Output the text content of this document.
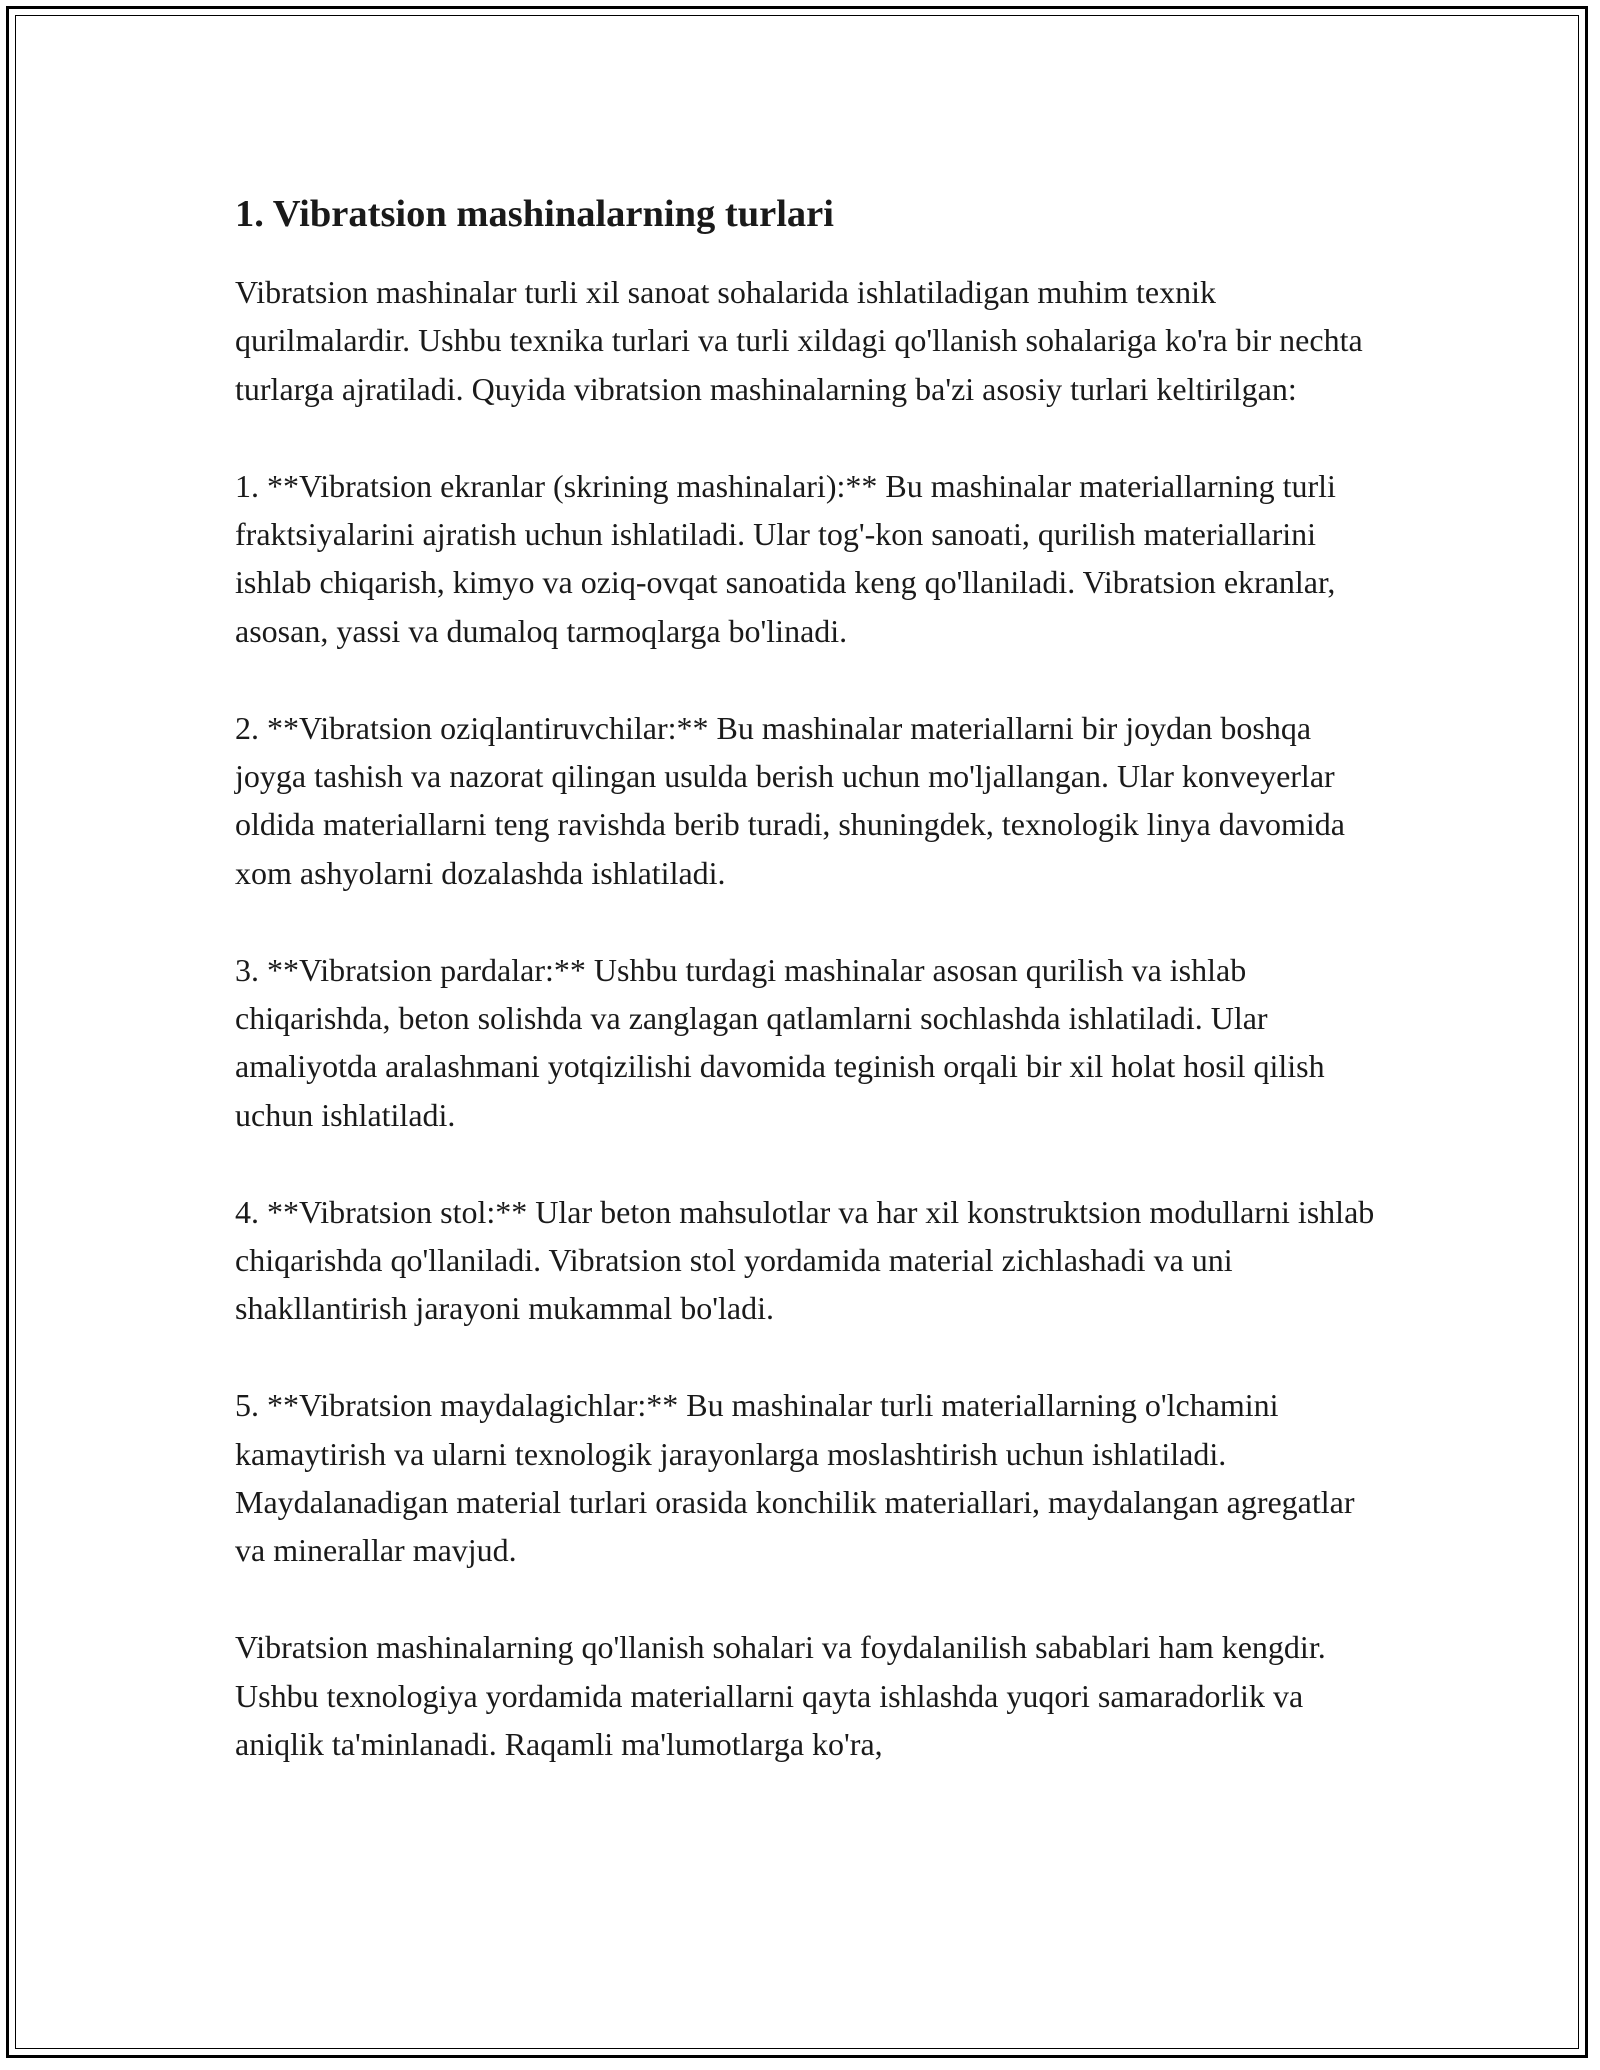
1. Vibratsion mashinalarning turlari

Vibratsion mashinalar turli xil sanoat sohalarida ishlatiladigan muhim texnik qurilmalardir. Ushbu texnika turlari va turli xildagi qo'llanish sohalariga ko'ra bir nechta turlarga ajratiladi. Quyida vibratsion mashinalarning ba'zi asosiy turlari keltirilgan:

1. **Vibratsion ekranlar (skrining mashinalari):** Bu mashinalar materiallarning turli fraktsiyalarini ajratish uchun ishlatiladi. Ular tog'-kon sanoati, qurilish materiallarini ishlab chiqarish, kimyo va oziq-ovqat sanoatida keng qo'llaniladi. Vibratsion ekranlar, asosan, yassi va dumaloq tarmoqlarga bo'linadi.

2. **Vibratsion oziqlantiruvchilar:** Bu mashinalar materiallarni bir joydan boshqa joyga tashish va nazorat qilingan usulda berish uchun mo'ljallangan. Ular konveyerlar oldida materiallarni teng ravishda berib turadi, shuningdek, texnologik linya davomida xom ashyolarni dozalashda ishlatiladi.

3. **Vibratsion pardalar:** Ushbu turdagi mashinalar asosan qurilish va ishlab chiqarishda, beton solishda va zanglagan qatlamlarni sochlashda ishlatiladi. Ular amaliyotda aralashmani yotqizilishi davomida teginish orqali bir xil holat hosil qilish uchun ishlatiladi.

4. **Vibratsion stol:** Ular beton mahsulotlar va har xil konstruktsion modullarni ishlab chiqarishda qo'llaniladi. Vibratsion stol yordamida material zichlashadi va uni shakllantirish jarayoni mukammal bo'ladi.

5. **Vibratsion maydalagichlar:** Bu mashinalar turli materiallarning o'lchamini kamaytirish va ularni texnologik jarayonlarga moslashtirish uchun ishlatiladi. Maydalanadigan material turlari orasida konchilik materiallari, maydalangan agregatlar va minerallar mavjud.

Vibratsion mashinalarning qo'llanish sohalari va foydalanilish sabablari ham kengdir. Ushbu texnologiya yordamida materiallarni qayta ishlashda yuqori samaradorlik va aniqlik ta'minlanadi. Raqamli ma'lumotlarga ko'ra,
